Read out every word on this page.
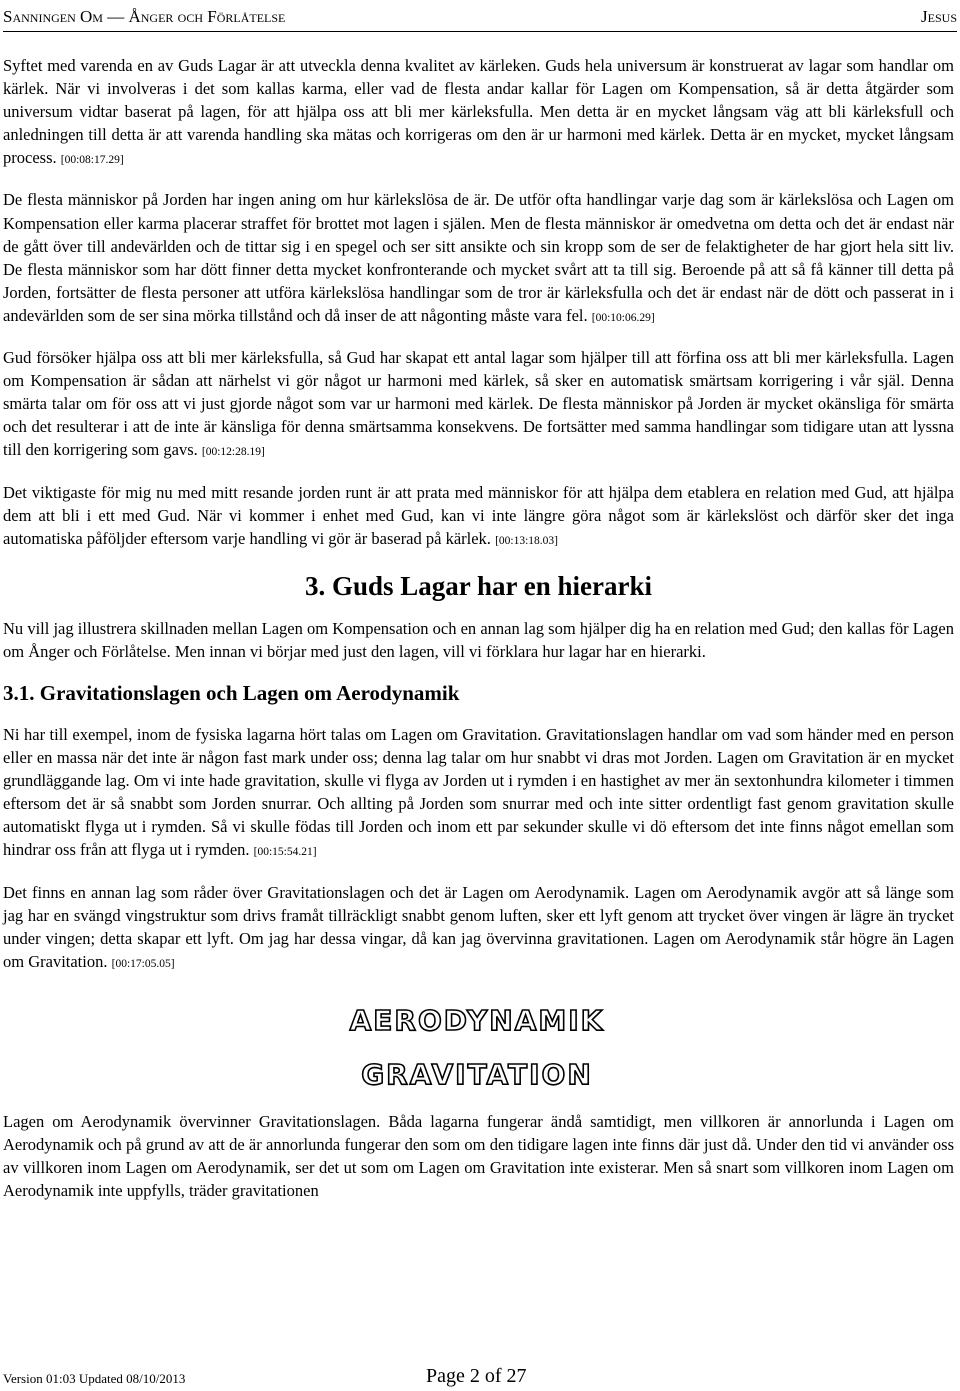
Sanningen Om — Ånger och Förlåtelse	Jesus

Syftet med varenda en av Guds Lagar är att utveckla denna kvalitet av kärleken. Guds hela universum är konstruerat av lagar som handlar om kärlek. När vi involveras i det som kallas karma, eller vad de flesta andar kallar för Lagen om Kompensation, så är detta åtgärder som universum vidtar baserat på lagen, för att hjälpa oss att bli mer kärleksfulla. Men detta är en mycket långsam väg att bli kärleksfull och anledningen till detta är att varenda handling ska mätas och korrigeras om den är ur harmoni med kärlek. Detta är en mycket, mycket långsam process. [00:08:17.29]

De flesta människor på Jorden har ingen aning om hur kärlekslösa de är. De utför ofta handlingar varje dag som är kärlekslösa och Lagen om Kompensation eller karma placerar straffet för brottet mot lagen i själen. Men de flesta människor är omedvetna om detta och det är endast när de gått över till andevärlden och de tittar sig i en spegel och ser sitt ansikte och sin kropp som de ser de felaktigheter de har gjort hela sitt liv. De flesta människor som har dött finner detta mycket konfronterande och mycket svårt att ta till sig. Beroende på att så få känner till detta på Jorden, fortsätter de flesta personer att utföra kärlekslösa handlingar som de tror är kärleksfulla och det är endast när de dött och passerat in i andevärlden som de ser sina mörka tillstånd och då inser de att någonting måste vara fel. [00:10:06.29]

Gud försöker hjälpa oss att bli mer kärleksfulla, så Gud har skapat ett antal lagar som hjälper till att förfina oss att bli mer kärleksfulla. Lagen om Kompensation är sådan att närhelst vi gör något ur harmoni med kärlek, så sker en automatisk smärtsam korrigering i vår själ. Denna smärta talar om för oss att vi just gjorde något som var ur harmoni med kärlek. De flesta människor på Jorden är mycket okänsliga för smärta och det resulterar i att de inte är känsliga för denna smärtsamma konsekvens. De fortsätter med samma handlingar som tidigare utan att lyssna till den korrigering som gavs. [00:12:28.19]

Det viktigaste för mig nu med mitt resande jorden runt är att prata med människor för att hjälpa dem etablera en relation med Gud, att hjälpa dem att bli i ett med Gud. När vi kommer i enhet med Gud, kan vi inte längre göra något som är kärlekslöst och därför sker det inga automatiska påföljder eftersom varje handling vi gör är baserad på kärlek. [00:13:18.03]

3. Guds Lagar har en hierarki

Nu vill jag illustrera skillnaden mellan Lagen om Kompensation och en annan lag som hjälper dig ha en relation med Gud; den kallas för Lagen om Ånger och Förlåtelse. Men innan vi börjar med just den lagen, vill vi förklara hur lagar har en hierarki.

3.1. Gravitationslagen och Lagen om Aerodynamik

Ni har till exempel, inom de fysiska lagarna hört talas om Lagen om Gravitation. Gravitationslagen handlar om vad som händer med en person eller en massa när det inte är någon fast mark under oss; denna lag talar om hur snabbt vi dras mot Jorden. Lagen om Gravitation är en mycket grundläggande lag. Om vi inte hade gravitation, skulle vi flyga av Jorden ut i rymden i en hastighet av mer än sextonhundra kilometer i timmen eftersom det är så snabbt som Jorden snurrar. Och allting på Jorden som snurrar med och inte sitter ordentligt fast genom gravitation skulle automatiskt flyga ut i rymden. Så vi skulle födas till Jorden och inom ett par sekunder skulle vi dö eftersom det inte finns något emellan som hindrar oss från att flyga ut i rymden. [00:15:54.21]

Det finns en annan lag som råder över Gravitationslagen och det är Lagen om Aerodynamik. Lagen om Aerodynamik avgör att så länge som jag har en svängd vingstruktur som drivs framåt tillräckligt snabbt genom luften, sker ett lyft genom att trycket över vingen är lägre än trycket under vingen; detta skapar ett lyft. Om jag har dessa vingar, då kan jag övervinna gravitationen. Lagen om Aerodynamik står högre än Lagen om Gravitation. [00:17:05.05]

AERODYNAMIK
GRAVITATION

Lagen om Aerodynamik övervinner Gravitationslagen. Båda lagarna fungerar ändå samtidigt, men villkoren är annorlunda i Lagen om Aerodynamik och på grund av att de är annorlunda fungerar den som om den tidigare lagen inte finns där just då. Under den tid vi använder oss av villkoren inom Lagen om Aerodynamik, ser det ut som om Lagen om Gravitation inte existerar. Men så snart som villkoren inom Lagen om Aerodynamik inte uppfylls, träder gravitationen

Version 01:03 Updated 08/10/2013	Page 2 of 27
